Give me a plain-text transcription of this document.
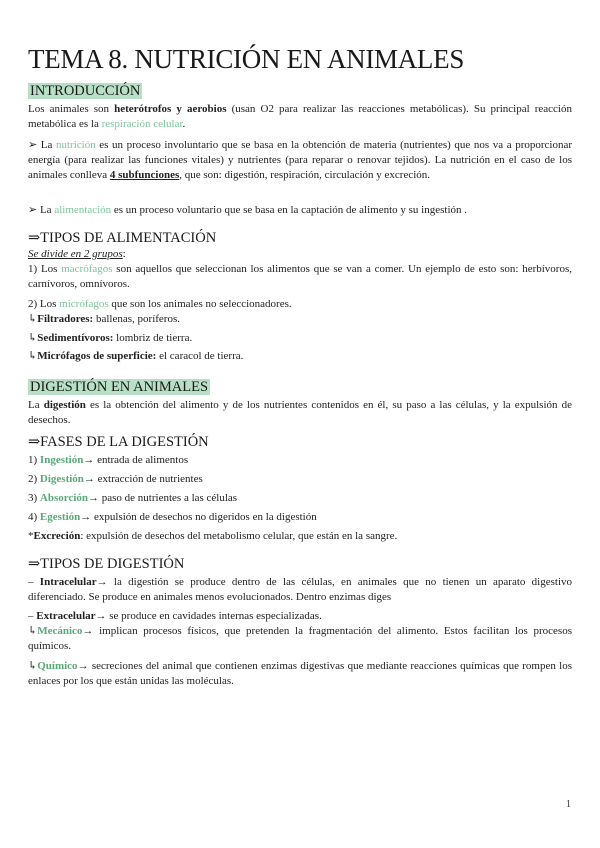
TEMA 8. NUTRICIÓN EN ANIMALES
INTRODUCCIÓN
Los animales son heterótrofos y aerobios (usan O2 para realizar las reacciones metabólicas). Su principal reacción metabólica es la respiración celular.
➢ La nutrición es un proceso involuntario que se basa en la obtención de materia (nutrientes) que nos va a proporcionar energía (para realizar las funciones vitales) y nutrientes (para reparar o renovar tejidos). La nutrición en el caso de los animales conlleva 4 subfunciones, que son: digestión, respiración, circulación y excreción.
➢ La alimentación es un proceso voluntario que se basa en la captación de alimento y su ingestión .
⇒TIPOS DE ALIMENTACIÓN
Se divide en 2 grupos:
1) Los macrófagos son aquellos que seleccionan los alimentos que se van a comer. Un ejemplo de esto son: herbívoros, carnívoros, omnívoros.
2) Los micrófagos que son los animales no seleccionadores.
↳Filtradores: ballenas, poríferos.
↳Sedimentívoros: lombriz de tierra.
↳Micrófagos de superficie: el caracol de tierra.
DIGESTIÓN EN ANIMALES
La digestión es la obtención del alimento y de los nutrientes contenidos en él, su paso a las células, y la expulsión de desechos.
⇒FASES DE LA DIGESTIÓN
1) Ingestión→ entrada de alimentos
2) Digestión→ extracción de nutrientes
3) Absorción→ paso de nutrientes a las células
4) Egestión→ expulsión de desechos no digeridos en la digestión
*Excreción: expulsión de desechos del metabolismo celular, que están en la sangre.
⇒TIPOS DE DIGESTIÓN
– Intracelular→ la digestión se produce dentro de las células, en animales que no tienen un aparato digestivo diferenciado. Se produce en animales menos evolucionados. Dentro enzimas diges
– Extracelular→ se produce en cavidades internas especializadas.
↳Mecánico→ implican procesos físicos, que pretenden la fragmentación del alimento. Estos facilitan los procesos químicos.
↳Químico→ secreciones del animal que contienen enzimas digestivas que mediante reacciones químicas que rompen los enlaces por los que están unidas las moléculas.
1
